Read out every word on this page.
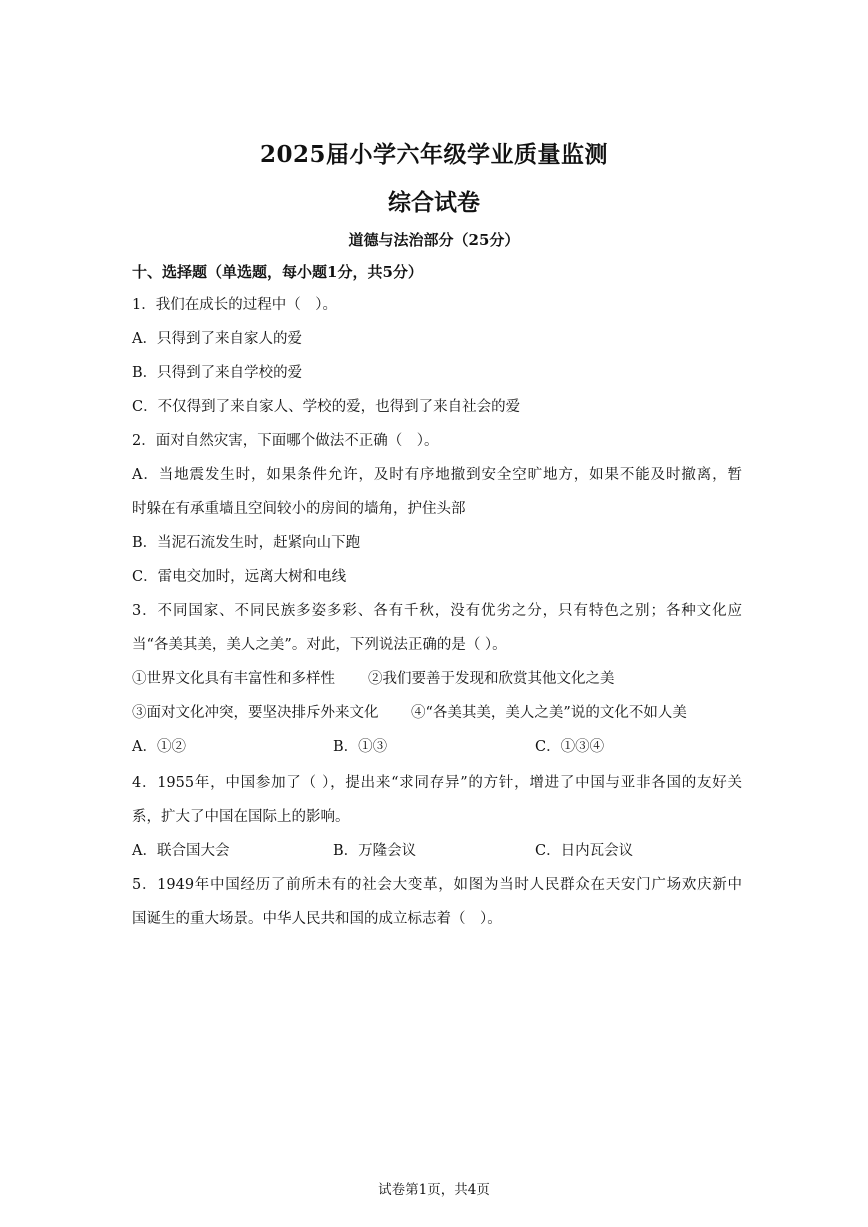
2025届小学六年级学业质量监测
综合试卷
道德与法治部分（25分）
十、选择题（单选题，每小题1分，共5分）
1．我们在成长的过程中（　）。
A．只得到了来自家人的爱
B．只得到了来自学校的爱
C．不仅得到了来自家人、学校的爱，也得到了来自社会的爱
2．面对自然灾害，下面哪个做法不正确（　）。
A．当地震发生时，如果条件允许，及时有序地撤到安全空旷地方，如果不能及时撤离，暂
时躲在有承重墙且空间较小的房间的墙角，护住头部
B．当泥石流发生时，赶紧向山下跑
C．雷电交加时，远离大树和电线
3．不同国家、不同民族多姿多彩、各有千秋，没有优劣之分，只有特色之别；各种文化应
当“各美其美，美人之美”。对此，下列说法正确的是（ ）。
①世界文化具有丰富性和多样性 ②我们要善于发现和欣赏其他文化之美
③面对文化冲突，要坚决排斥外来文化 ④“各美其美，美人之美”说的文化不如人美
A．①②	B．①③	C．①③④
4．1955年，中国参加了（ ），提出来“求同存异”的方针，增进了中国与亚非各国的友好关
系，扩大了中国在国际上的影响。
A．联合国大会	B．万隆会议	C．日内瓦会议
5．1949年中国经历了前所未有的社会大变革，如图为当时人民群众在天安门广场欢庆新中
国诞生的重大场景。中华人民共和国的成立标志着（　）。
试卷第1页，共4页
